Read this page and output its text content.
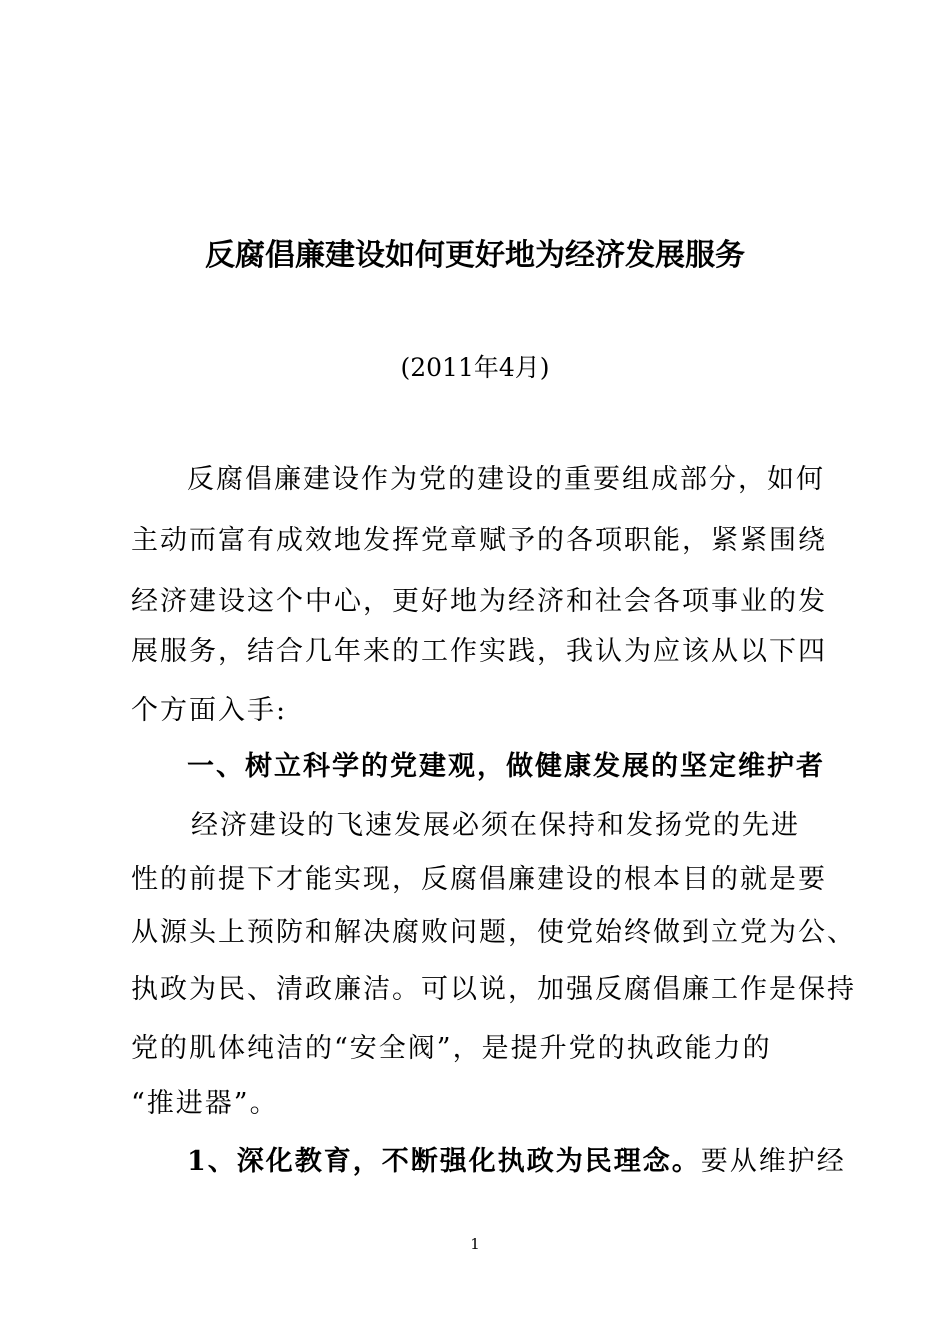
反腐倡廉建设如何更好地为经济发展服务
(2011年4月)
反腐倡廉建设作为党的建设的重要组成部分，如何
主动而富有成效地发挥党章赋予的各项职能，紧紧围绕
经济建设这个中心，更好地为经济和社会各项事业的发
展服务，结合几年来的工作实践，我认为应该从以下四
个方面入手:
一、树立科学的党建观，做健康发展的坚定维护者
经济建设的飞速发展必须在保持和发扬党的先进
性的前提下才能实现，反腐倡廉建设的根本目的就是要
从源头上预防和解决腐败问题，使党始终做到立党为公、
执政为民、清政廉洁。可以说，加强反腐倡廉工作是保持
党的肌体纯洁的“安全阀”，是提升党的执政能力的
“推进器”。
1、深化教育，不断强化执政为民理念。要从维护经
1
